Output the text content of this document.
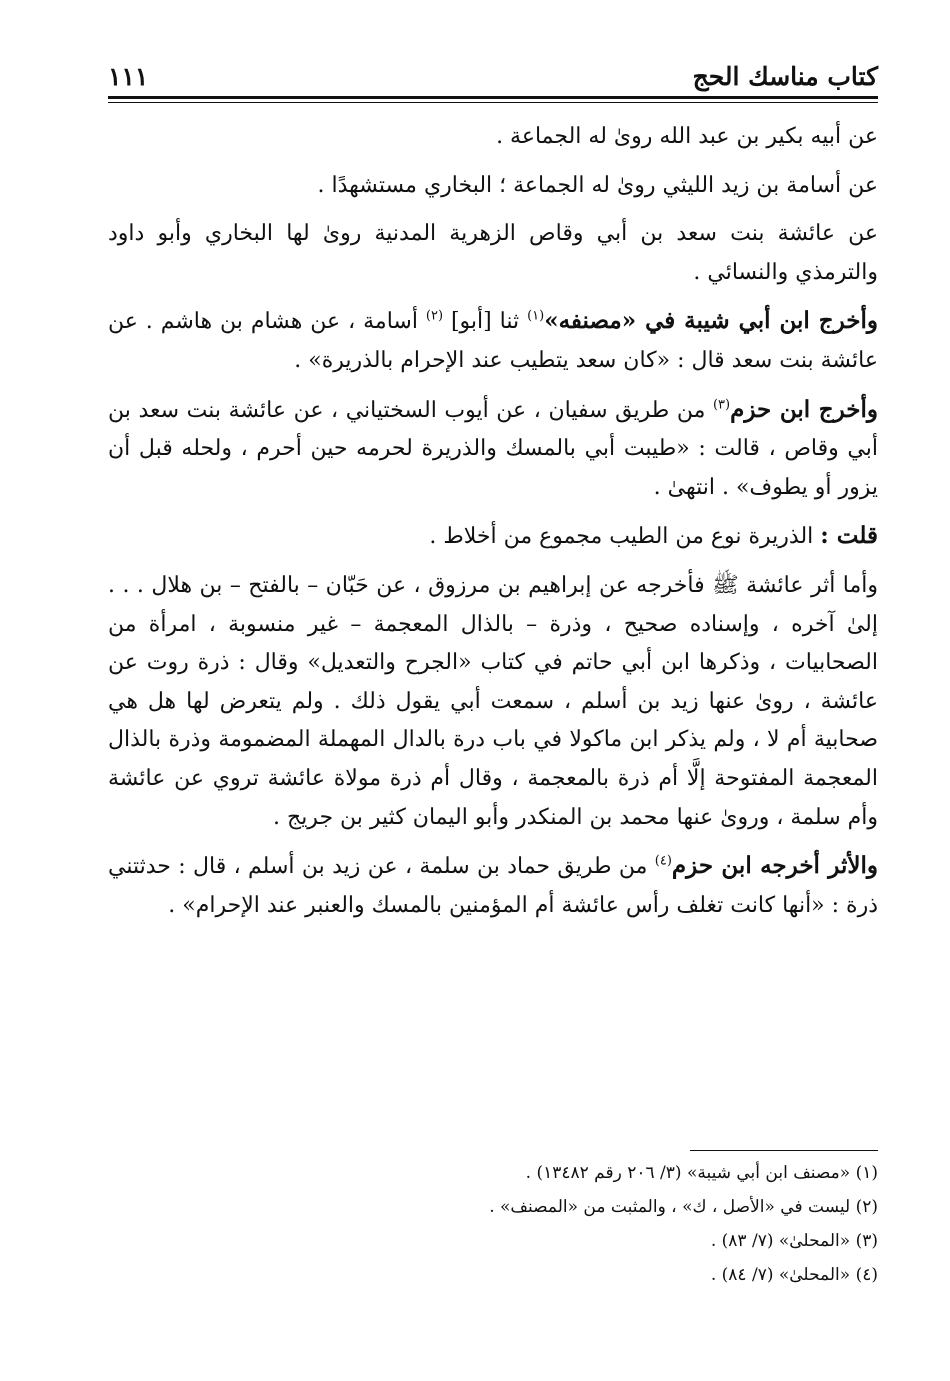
كتاب مناسك الحج
١١١

عن أبيه بكير بن عبد الله روىٰ له الجماعة .

عن أسامة بن زيد الليثي روىٰ له الجماعة ؛ البخاري مستشهدًا .

عن عائشة بنت سعد بن أبي وقاص الزهرية المدنية روىٰ لها البخاري وأبو داود والترمذي والنسائي .

وأخرج ابن أبي شيبة في «مصنفه»$^{(١)}$ ثنا [أبو] $^{(٢)}$ أسامة ، عن هشام بن هاشم . عن عائشة بنت سعد قال : «كان سعد يتطيب عند الإحرام بالذريرة» .

وأخرج ابن حزم$^{(٣)}$ من طريق سفيان ، عن أيوب السختياني ، عن عائشة بنت سعد بن أبي وقاص ، قالت : «طيبت أبي بالمسك والذريرة لحرمه حين أحرم ، ولحله قبل أن يزور أو يطوف» . انتهىٰ .

قلت : الذريرة نوع من الطيب مجموع من أخلاط .

وأما أثر عائشة ﷺ فأخرجه عن إبراهيم بن مرزوق ، عن حَبّان – بالفتح – بن هلال . . . إلىٰ آخره ، وإسناده صحيح ، وذرة – بالذال المعجمة – غير منسوبة ، امرأة من الصحابيات ، وذكرها ابن أبي حاتم في كتاب «الجرح والتعديل» وقال : ذرة روت عن عائشة ، روىٰ عنها زيد بن أسلم ، سمعت أبي يقول ذلك . ولم يتعرض لها هل هي صحابية أم لا ، ولم يذكر ابن ماكولا في باب درة بالدال المهملة المضمومة وذرة بالذال المعجمة المفتوحة إلَّا أم ذرة بالمعجمة ، وقال أم ذرة مولاة عائشة تروي عن عائشة وأم سلمة ، وروىٰ عنها محمد بن المنكدر وأبو اليمان كثير بن جريج .

والأثر أخرجه ابن حزم$^{(٤)}$ من طريق حماد بن سلمة ، عن زيد بن أسلم ، قال : حدثتني ذرة : «أنها كانت تغلف رأس عائشة أم المؤمنين بالمسك والعنبر عند الإحرام» .

(١) «مصنف ابن أبي شيبة» (٣/ ٢٠٦ رقم ١٣٤٨٢) .

(٢) ليست في «الأصل ، ك» ، والمثبت من «المصنف» .

(٣) «المحلىٰ» (٧/ ٨٣) .

(٤) «المحلىٰ» (٧/ ٨٤) .
